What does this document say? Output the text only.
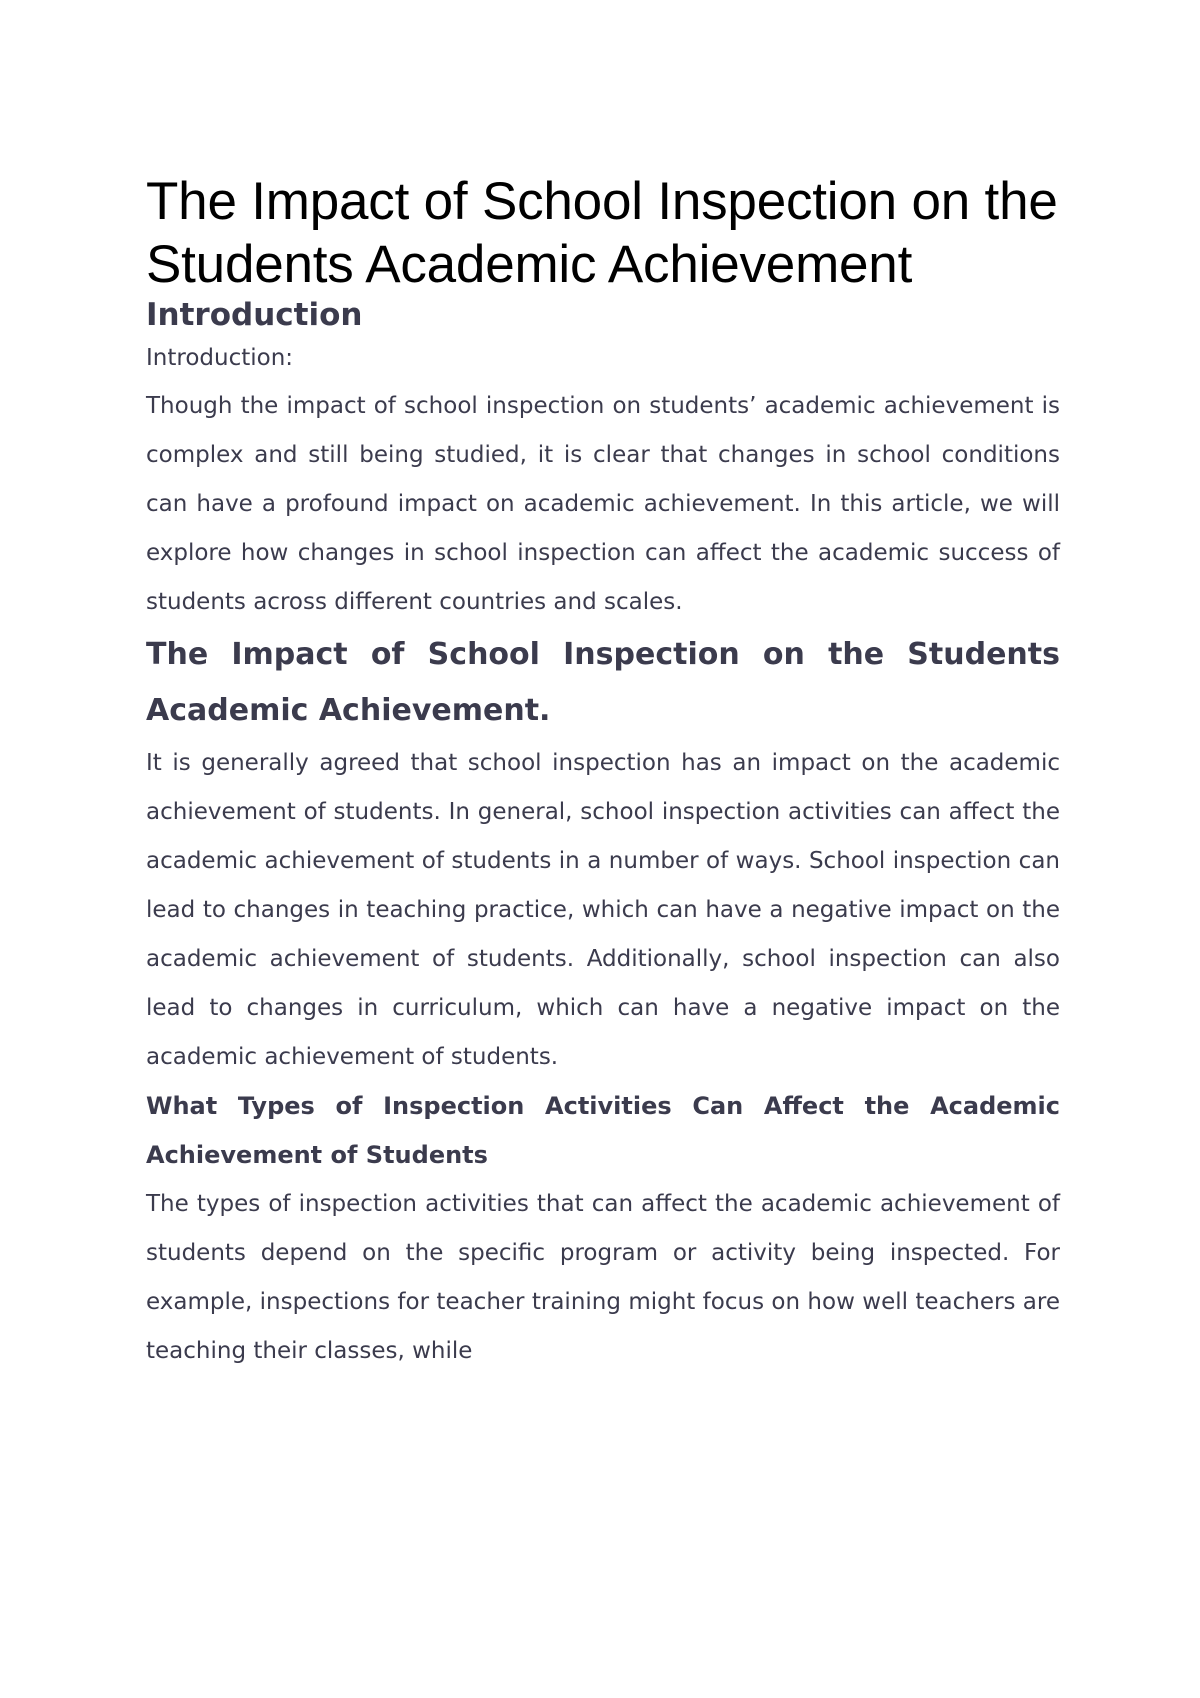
The Impact of School Inspection on the Students Academic Achievement
Introduction

Introduction:

Though the impact of school inspection on students’ academic achievement is complex and still being studied, it is clear that changes in school conditions can have a profound impact on academic achievement. In this article, we will explore how changes in school inspection can affect the academic success of students across different countries and scales.

The Impact of School Inspection on the Students Academic Achievement.

It is generally agreed that school inspection has an impact on the academic achievement of students. In general, school inspection activities can affect the academic achievement of students in a number of ways. School inspection can lead to changes in teaching practice, which can have a negative impact on the academic achievement of students. Additionally, school inspection can also lead to changes in curriculum, which can have a negative impact on the academic achievement of students.

What Types of Inspection Activities Can Affect the Academic Achievement of Students

The types of inspection activities that can affect the academic achievement of students depend on the specific program or activity being inspected. For example, inspections for teacher training might focus on how well teachers are teaching their classes, while
